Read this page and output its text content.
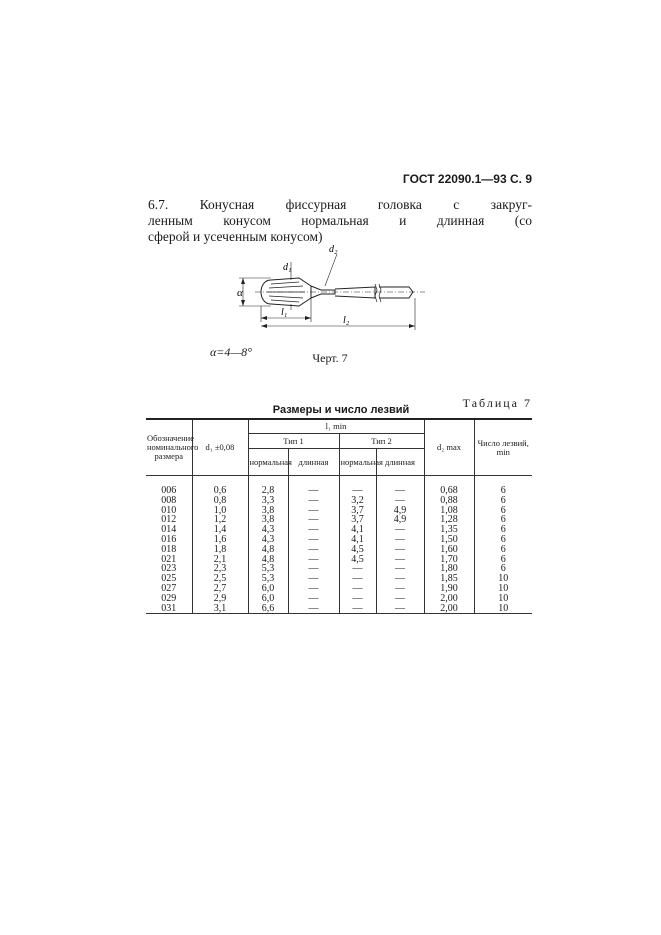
ГОСТ 22090.1—93 С. 9
6.7. Конусная фиссурная головка с закруг-
ленным конусом нормальная и длинная (со
сферой и усеченным конусом)
α
d₁
d₂
l₁
l₂
α=4—8°	Черт. 7
Таблица 7
Размеры и число лезвий
Обозначение номинального размера	d₁ ±0,08	l₁ min				d₂ max	Число лезвий, min
		Тип 1		Тип 2			
		нормальная	длинная	нормальная	длинная		

006	0,6	2,8	—	—	—	0,68	6
008	0,8	3,3	—	3,2	—	0,88	6
010	1,0	3,8	—	3,7	4,9	1,08	6
012	1,2	3,8	—	3,7	4,9	1,28	6
014	1,4	4,3	—	4,1	—	1,35	6
016	1,6	4,3	—	4,1	—	1,50	6
018	1,8	4,8	—	4,5	—	1,60	6
021	2,1	4,8	—	4,5	—	1,70	6
023	2,3	5,3	—	—	—	1,80	6
025	2,5	5,3	—	—	—	1,85	10
027	2,7	6,0	—	—	—	1,90	10
029	2,9	6,0	—	—	—	2,00	10
031	3,1	6,6	—	—	—	2,00	10
